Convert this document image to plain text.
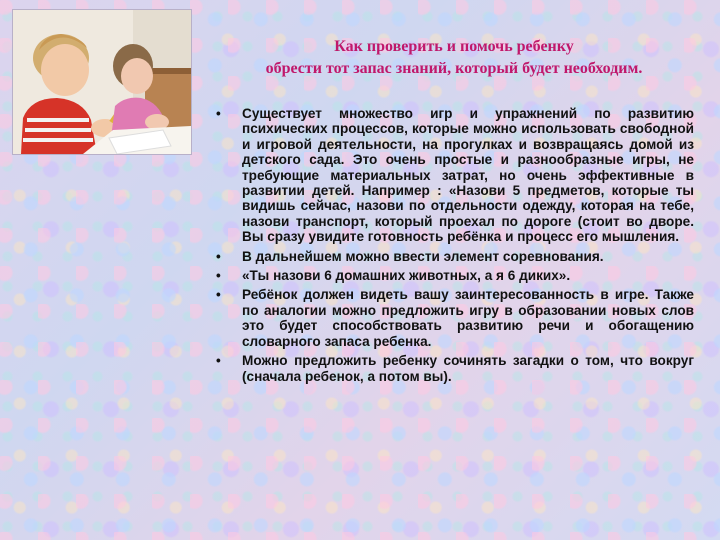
Как проверить и помочь ребенку
обрести тот запас знаний, который будет необходим.
• Существует множество игр и упражнений по развитию психических процессов, которые можно использовать свободной и игровой деятельности, на прогулках и возвращаясь домой из детского сада. Это очень простые и разнообразные игры, не требующие материальных затрат, но очень эффективные в развитии детей. Например : «Назови 5 предметов, которые ты видишь сейчас, назови по отдельности одежду, которая на тебе, назови транспорт, который проехал по дороге (стоит во дворе. Вы сразу увидите готовность ребёнка и процесс его мышления.
• В дальнейшем можно ввести элемент соревнования.
• «Ты назови 6 домашних животных, а я 6 диких».
• Ребёнок должен видеть вашу заинтересованность в игре. Также по аналогии можно предложить игру в образовании новых слов это будет способствовать развитию речи и обогащению словарного запаса ребенка.
• Можно предложить ребенку сочинять загадки о том, что вокруг (сначала ребенок, а потом вы).
